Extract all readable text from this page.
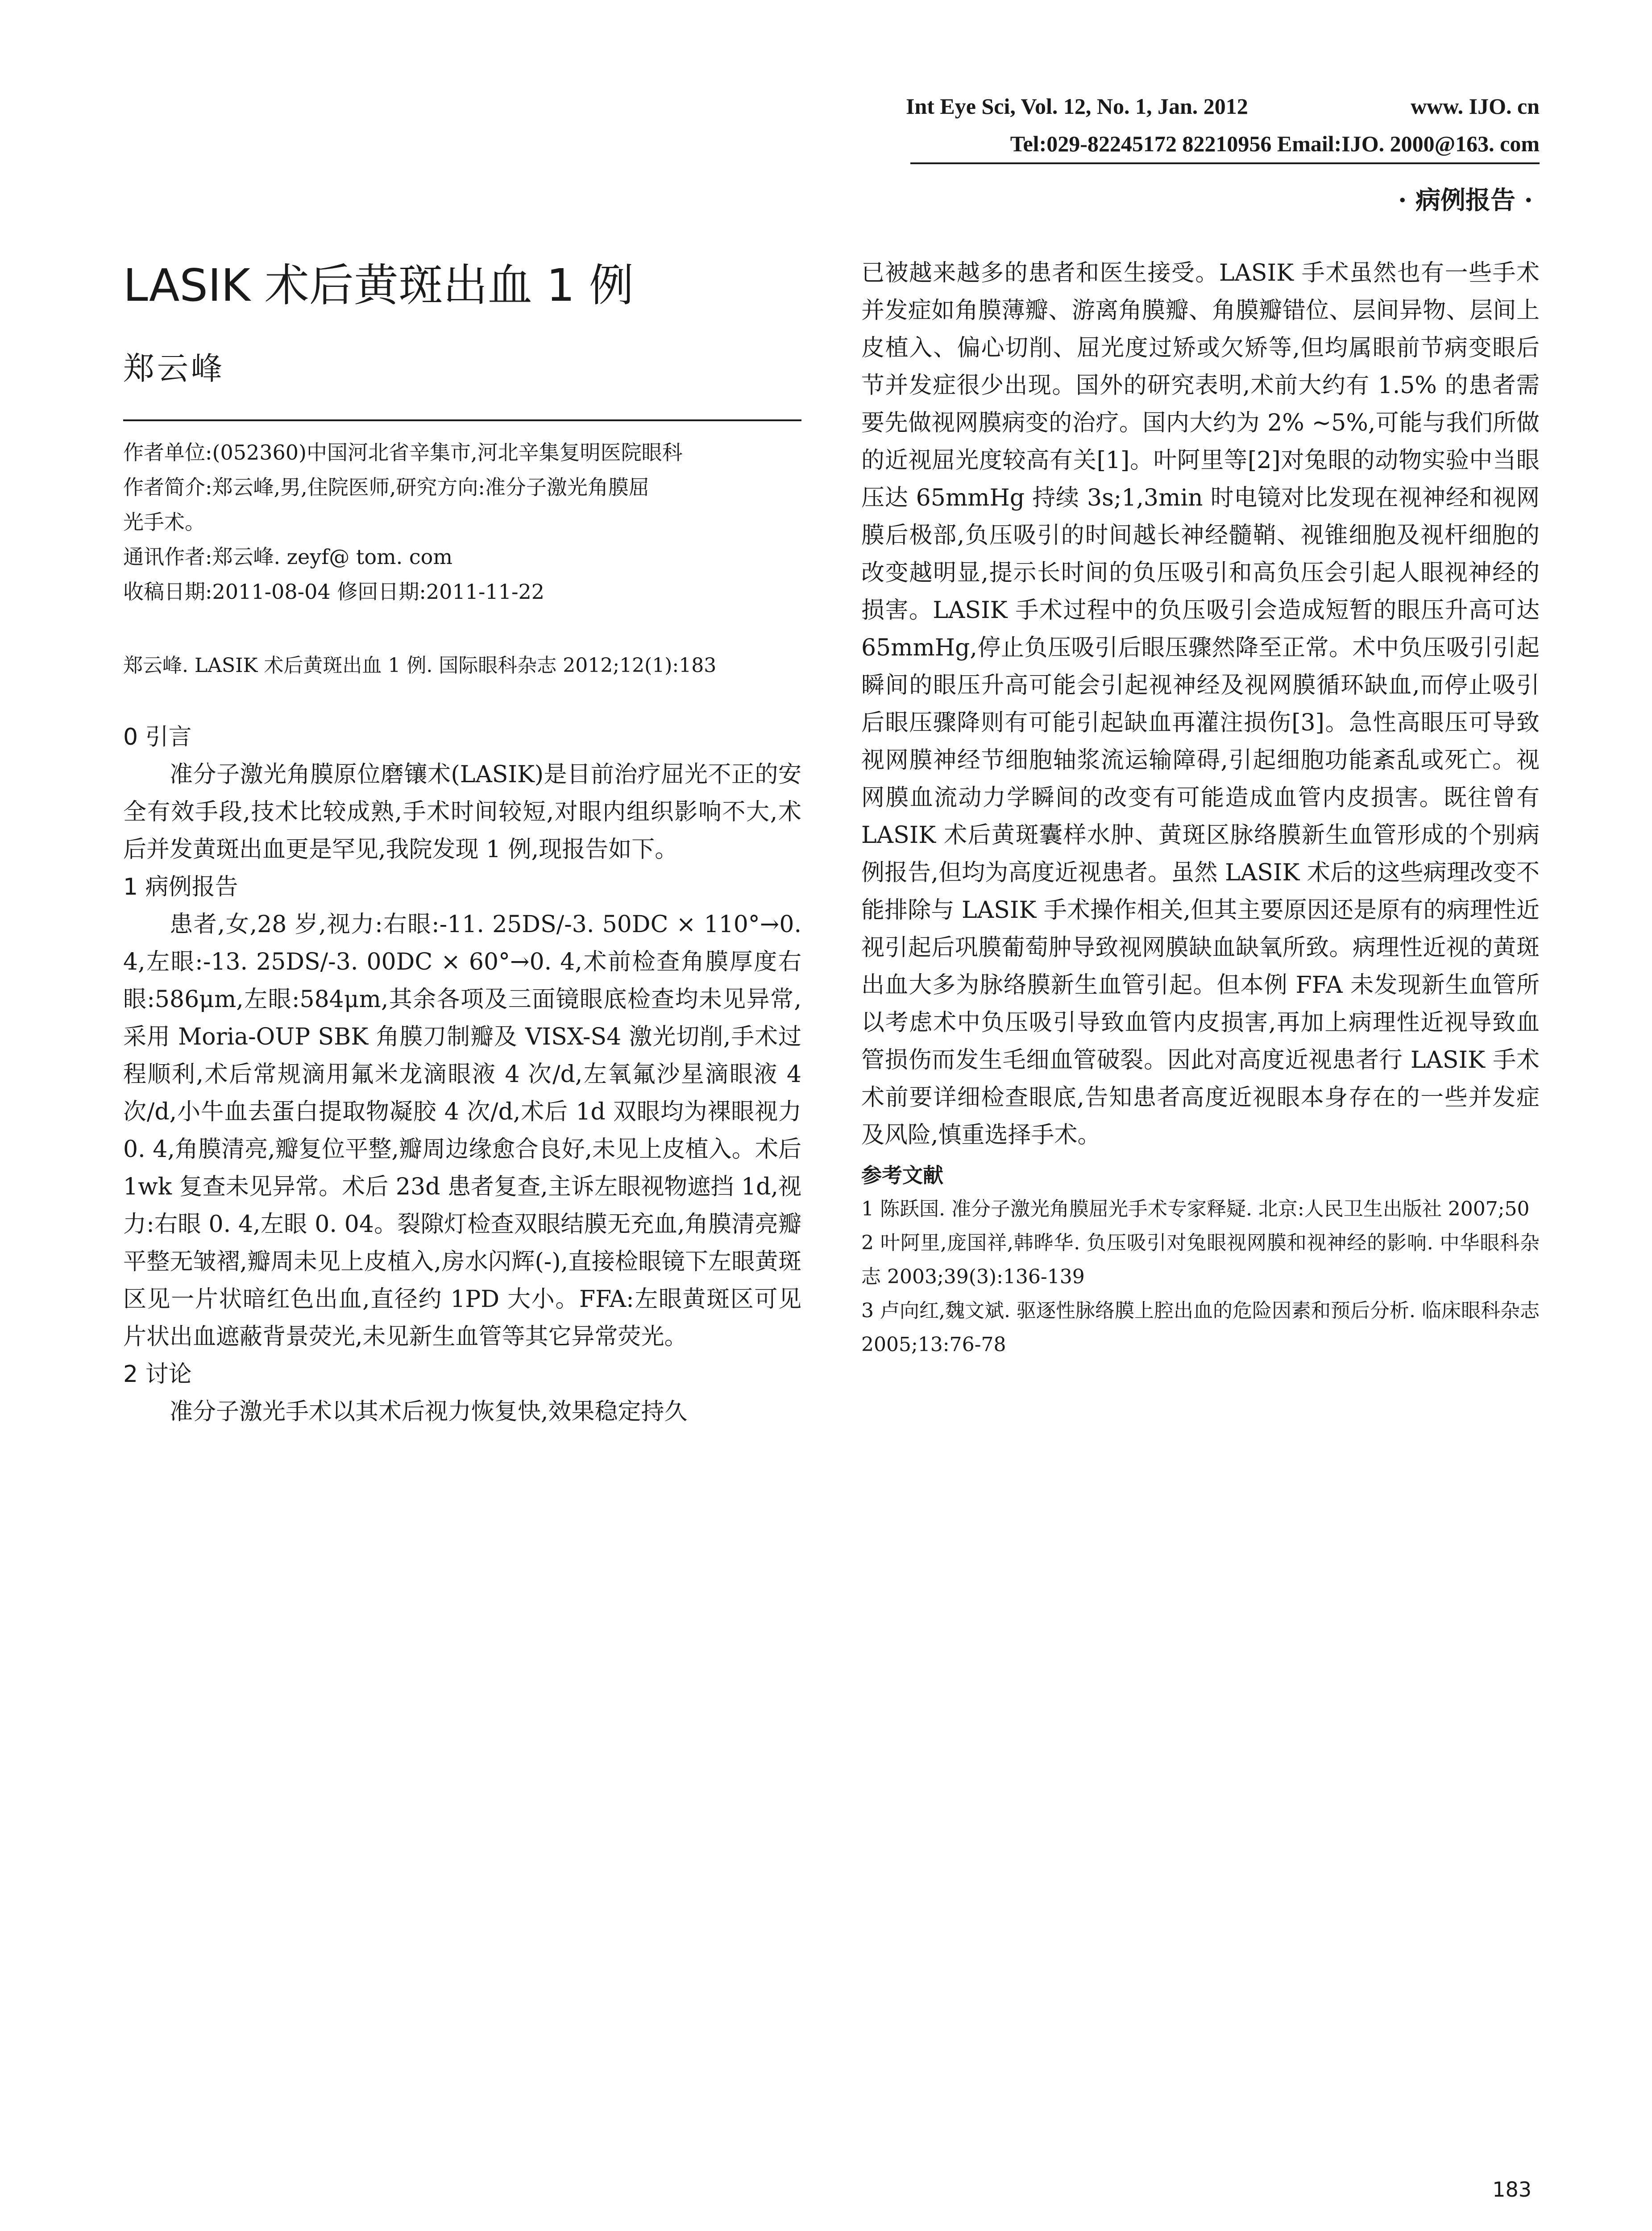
Int Eye Sci, Vol. 12, No. 1, Jan. 2012	www. IJO. cn
Tel:029-82245172 82210956 Email:IJO. 2000@163. com
· 病例报告 ·
LASIK 术后黄斑出血 1 例
郑云峰
作者单位:(052360)中国河北省辛集市,河北辛集复明医院眼科
作者简介:郑云峰,男,住院医师,研究方向:准分子激光角膜屈
光手术。
通讯作者:郑云峰. zeyf@ tom. com
收稿日期:2011-08-04 修回日期:2011-11-22
郑云峰. LASIK 术后黄斑出血 1 例. 国际眼科杂志 2012;12(1):183
0 引言
准分子激光角膜原位磨镶术(LASIK)是目前治疗屈光不正的安全有效手段,技术比较成熟,手术时间较短,对眼内组织影响不大,术后并发黄斑出血更是罕见,我院发现 1 例,现报告如下。
1 病例报告
患者,女,28 岁,视力:右眼:-11. 25DS/-3. 50DC × 110°→0. 4,左眼:-13. 25DS/-3. 00DC × 60°→0. 4,术前检查角膜厚度右眼:586μm,左眼:584μm,其余各项及三面镜眼底检查均未见异常,采用 Moria-OUP SBK 角膜刀制瓣及 VISX-S4 激光切削,手术过程顺利,术后常规滴用氟米龙滴眼液 4 次/d,左氧氟沙星滴眼液 4 次/d,小牛血去蛋白提取物凝胶 4 次/d,术后 1d 双眼均为裸眼视力 0. 4,角膜清亮,瓣复位平整,瓣周边缘愈合良好,未见上皮植入。术后 1wk 复查未见异常。术后 23d 患者复查,主诉左眼视物遮挡 1d,视力:右眼 0. 4,左眼 0. 04。裂隙灯检查双眼结膜无充血,角膜清亮瓣平整无皱褶,瓣周未见上皮植入,房水闪辉(-),直接检眼镜下左眼黄斑区见一片状暗红色出血,直径约 1PD 大小。FFA:左眼黄斑区可见片状出血遮蔽背景荧光,未见新生血管等其它异常荧光。
2 讨论
准分子激光手术以其术后视力恢复快,效果稳定持久
已被越来越多的患者和医生接受。LASIK 手术虽然也有一些手术并发症如角膜薄瓣、游离角膜瓣、角膜瓣错位、层间异物、层间上皮植入、偏心切削、屈光度过矫或欠矫等,但均属眼前节病变眼后节并发症很少出现。国外的研究表明,术前大约有 1.5% 的患者需要先做视网膜病变的治疗。国内大约为 2% ~5%,可能与我们所做的近视屈光度较高有关[1]。叶阿里等[2]对兔眼的动物实验中当眼压达 65mmHg 持续 3s;1,3min 时电镜对比发现在视神经和视网膜后极部,负压吸引的时间越长神经髓鞘、视锥细胞及视杆细胞的改变越明显,提示长时间的负压吸引和高负压会引起人眼视神经的损害。LASIK 手术过程中的负压吸引会造成短暂的眼压升高可达 65mmHg,停止负压吸引后眼压骤然降至正常。术中负压吸引引起瞬间的眼压升高可能会引起视神经及视网膜循环缺血,而停止吸引后眼压骤降则有可能引起缺血再灌注损伤[3]。急性高眼压可导致视网膜神经节细胞轴浆流运输障碍,引起细胞功能紊乱或死亡。视网膜血流动力学瞬间的改变有可能造成血管内皮损害。既往曾有 LASIK 术后黄斑囊样水肿、黄斑区脉络膜新生血管形成的个别病例报告,但均为高度近视患者。虽然 LASIK 术后的这些病理改变不能排除与 LASIK 手术操作相关,但其主要原因还是原有的病理性近视引起后巩膜葡萄肿导致视网膜缺血缺氧所致。病理性近视的黄斑出血大多为脉络膜新生血管引起。但本例 FFA 未发现新生血管所以考虑术中负压吸引导致血管内皮损害,再加上病理性近视导致血管损伤而发生毛细血管破裂。因此对高度近视患者行 LASIK 手术术前要详细检查眼底,告知患者高度近视眼本身存在的一些并发症及风险,慎重选择手术。
参考文献
1 陈跃国. 准分子激光角膜屈光手术专家释疑. 北京:人民卫生出版社 2007;50
2 叶阿里,庞国祥,韩晔华. 负压吸引对兔眼视网膜和视神经的影响. 中华眼科杂志 2003;39(3):136-139
3 卢向红,魏文斌. 驱逐性脉络膜上腔出血的危险因素和预后分析. 临床眼科杂志 2005;13:76-78
183
